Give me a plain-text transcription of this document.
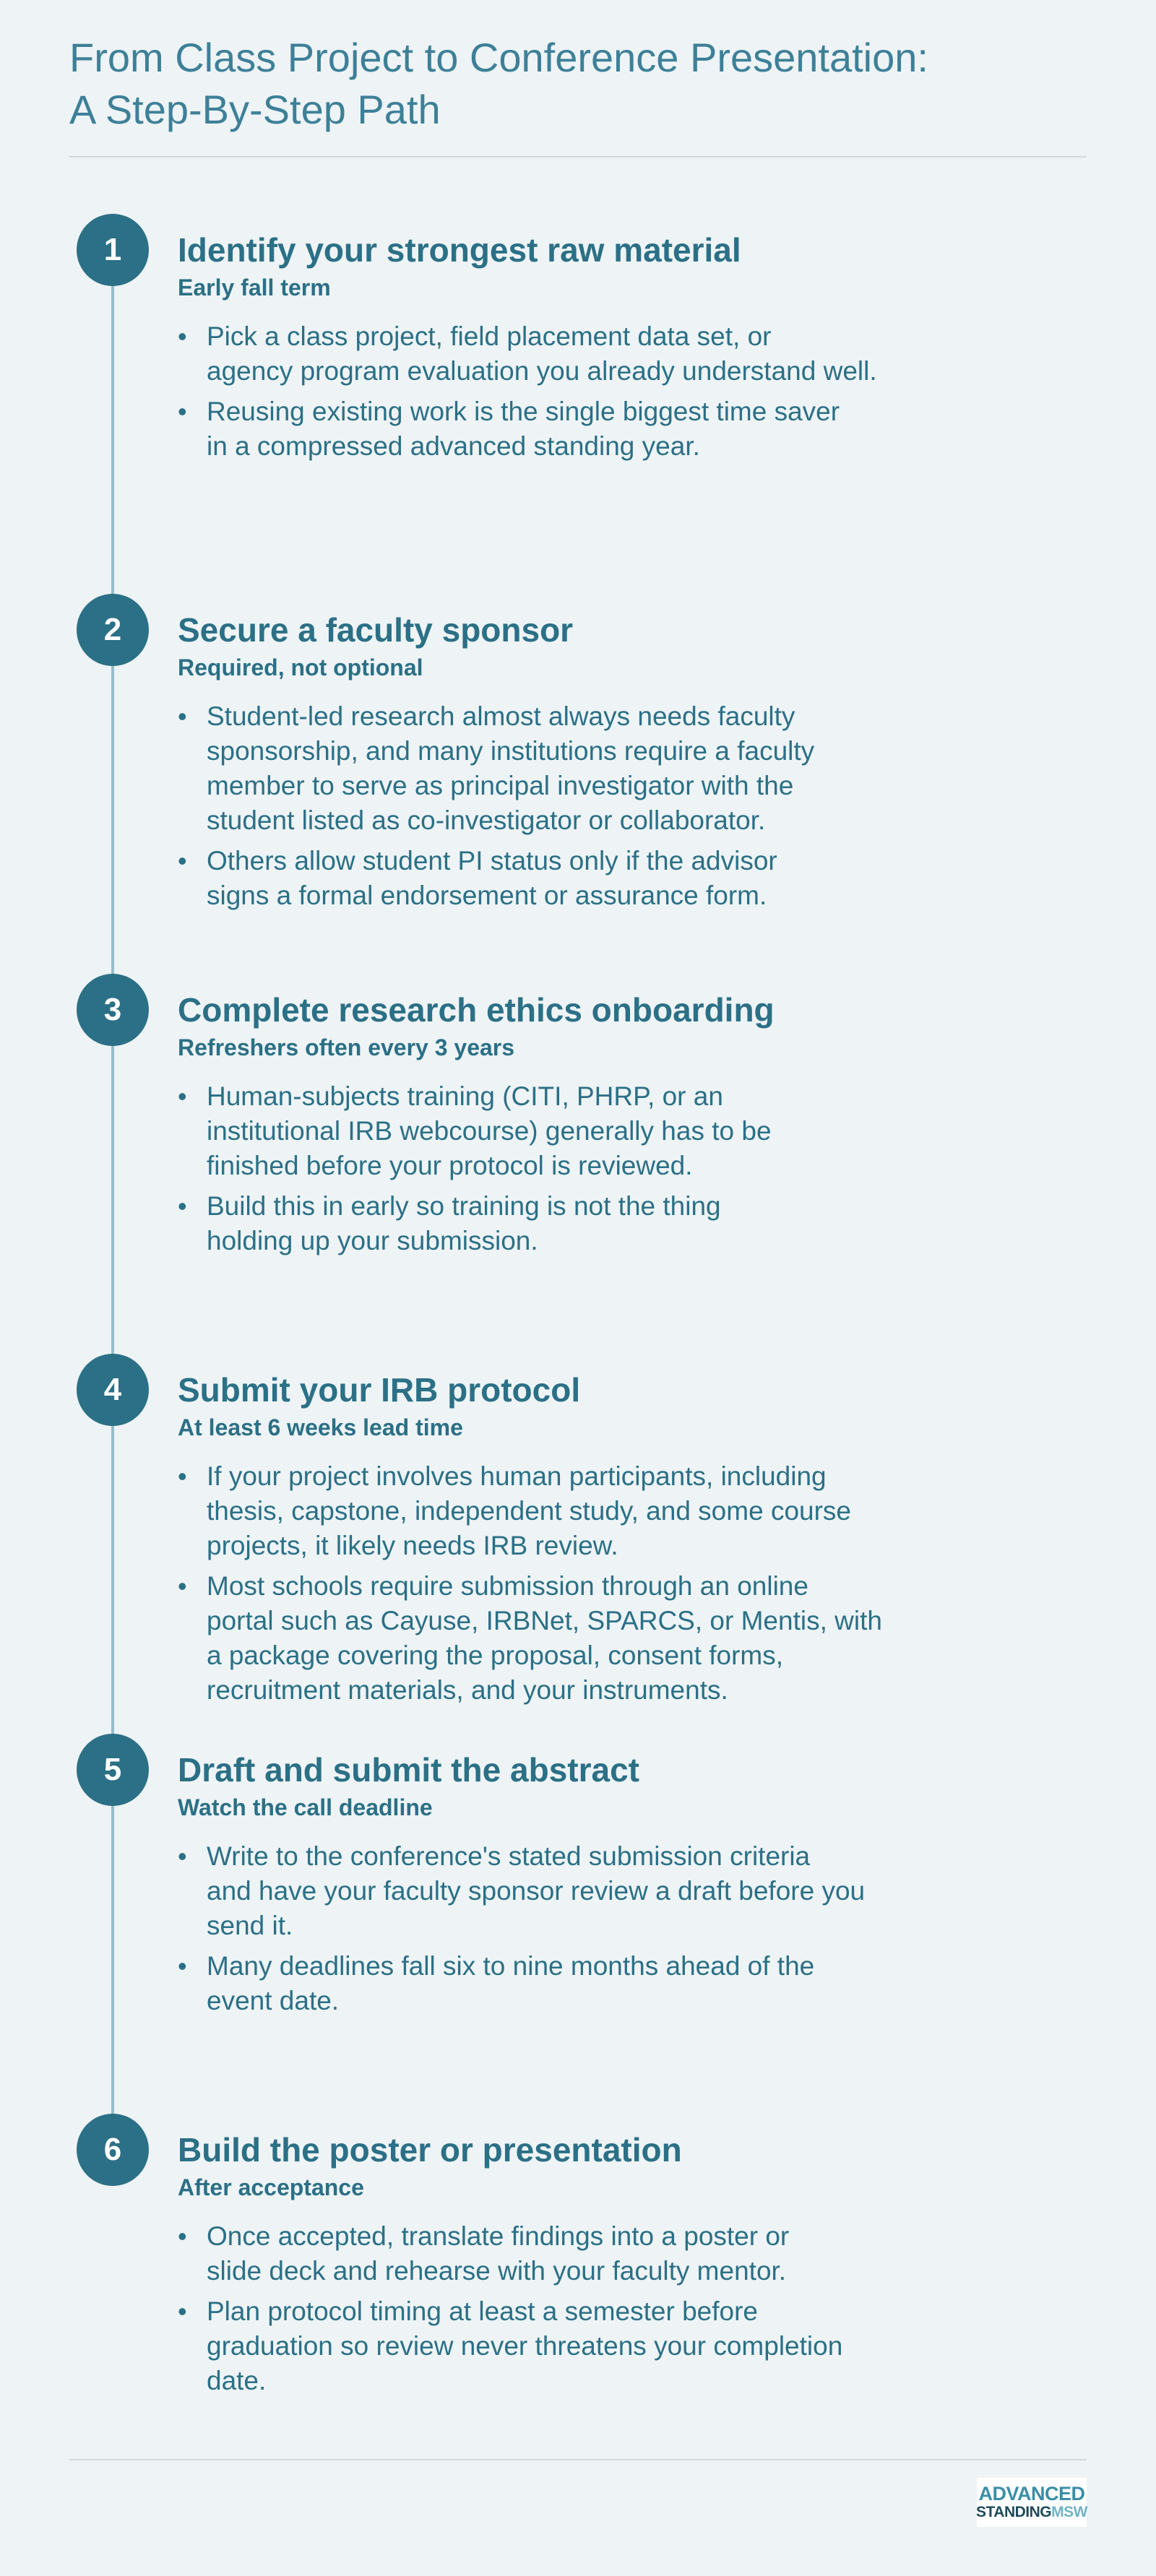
From Class Project to Conference Presentation:
A Step-By-Step Path
1	Identify your strongest raw material
Early fall term
• Pick a class project, field placement data set, or
agency program evaluation you already understand well.
• Reusing existing work is the single biggest time saver
in a compressed advanced standing year.
2	Secure a faculty sponsor
Required, not optional
• Student-led research almost always needs faculty
sponsorship, and many institutions require a faculty
member to serve as principal investigator with the
student listed as co-investigator or collaborator.
• Others allow student PI status only if the advisor
signs a formal endorsement or assurance form.
3	Complete research ethics onboarding
Refreshers often every 3 years
• Human-subjects training (CITI, PHRP, or an
institutional IRB webcourse) generally has to be
finished before your protocol is reviewed.
• Build this in early so training is not the thing
holding up your submission.
4	Submit your IRB protocol
At least 6 weeks lead time
• If your project involves human participants, including
thesis, capstone, independent study, and some course
projects, it likely needs IRB review.
• Most schools require submission through an online
portal such as Cayuse, IRBNet, SPARCS, or Mentis, with
a package covering the proposal, consent forms,
recruitment materials, and your instruments.
5	Draft and submit the abstract
Watch the call deadline
• Write to the conference's stated submission criteria
and have your faculty sponsor review a draft before you
send it.
• Many deadlines fall six to nine months ahead of the
event date.
6	Build the poster or presentation
After acceptance
• Once accepted, translate findings into a poster or
slide deck and rehearse with your faculty mentor.
• Plan protocol timing at least a semester before
graduation so review never threatens your completion
date.
ADVANCED
STANDINGMSW
